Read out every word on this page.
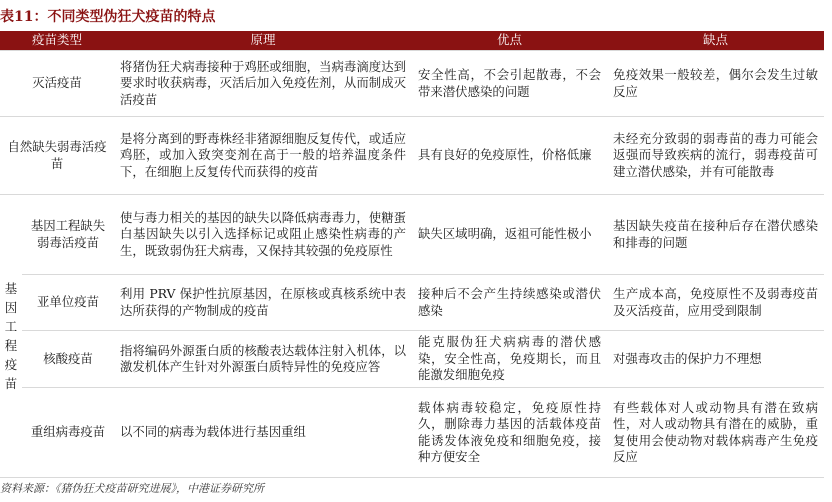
表11：不同类型伪狂犬疫苗的特点
疫苗类型		原理	优点	缺点
灭活疫苗		将猪伪狂犬病毒接种于鸡胚或细胞，当病毒滴度达到要求时收获病毒，灭活后加入免疫佐剂，从而制成灭活疫苗	安全性高，不会引起散毒，不会带来潜伏感染的问题	免疫效果一般较差，偶尔会发生过敏反应
自然缺失弱毒活疫苗		是将分离到的野毒株经非猪源细胞反复传代，或适应鸡胚，或加入致突变剂在高于一般的培养温度条件下，在细胞上反复传代而获得的疫苗	具有良好的免疫原性，价格低廉	未经充分致弱的弱毒苗的毒力可能会返强而导致疾病的流行，弱毒疫苗可建立潜伏感染，并有可能散毒
基因工程疫苗	基因工程缺失弱毒活疫苗	使与毒力相关的基因的缺失以降低病毒毒力，使糖蛋白基因缺失以引入选择标记或阻止感染性病毒的产生，既致弱伪狂犬病毒，又保持其较强的免疫原性	缺失区域明确，返祖可能性极小	基因缺失疫苗在接种后存在潜伏感染和排毒的问题
	亚单位疫苗	利用 PRV 保护性抗原基因，在原核或真核系统中表达所获得的产物制成的疫苗	接种后不会产生持续感染或潜伏感染	生产成本高，免疫原性不及弱毒疫苗及灭活疫苗，应用受到限制
	核酸疫苗	指将编码外源蛋白质的核酸表达载体注射入机体，以激发机体产生针对外源蛋白质特异性的免疫应答	能克服伪狂犬病病毒的潜伏感染，安全性高，免疫期长，而且能激发细胞免疫	对强毒攻击的保护力不理想
	重组病毒疫苗	以不同的病毒为载体进行基因重组	载体病毒较稳定，免疫原性持久，删除毒力基因的活载体疫苗能诱发体液免疫和细胞免疫，接种方便安全	有些载体对人或动物具有潜在致病性，对人或动物具有潜在的威胁，重复使用会使动物对载体病毒产生免疫反应
资料来源：《猪伪狂犬疫苗研究进展》，中港证券研究所
